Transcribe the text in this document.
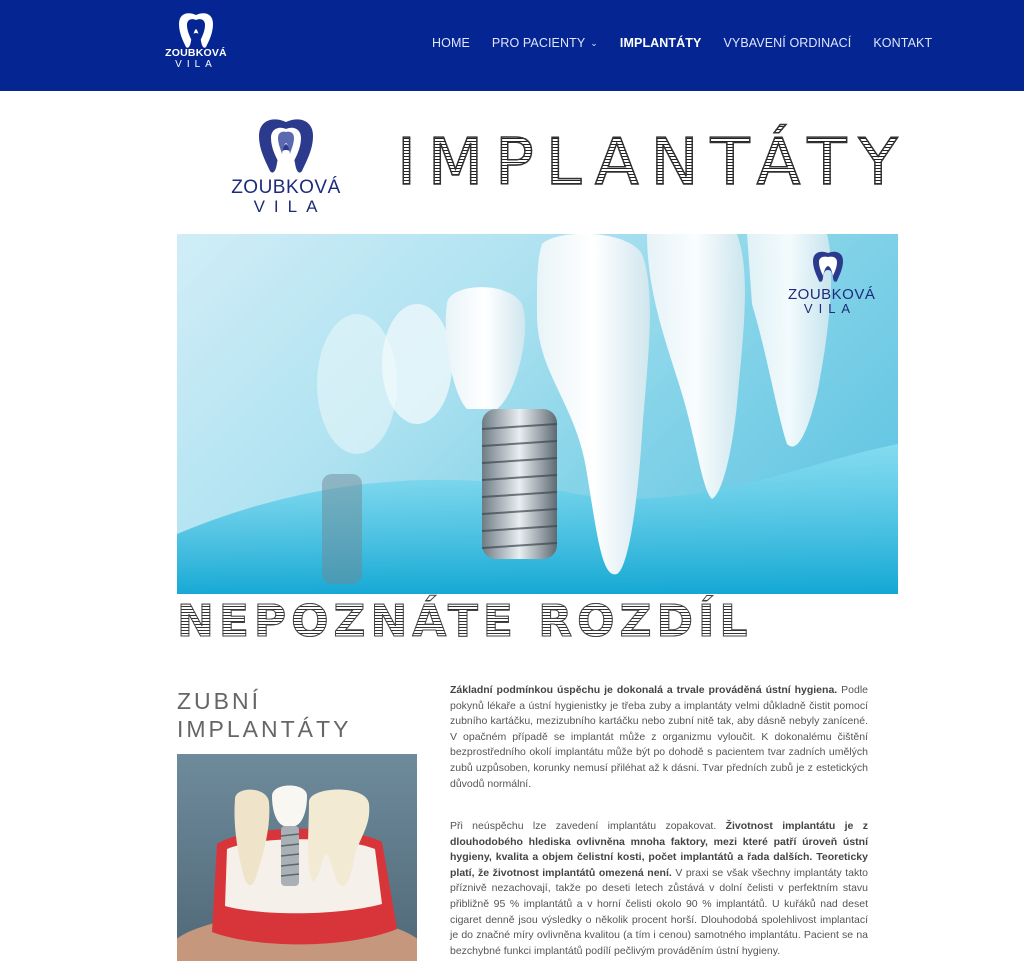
ZOUBKOVÁ
VILA
HOME PRO PACIENTY ⌄ IMPLANTÁTY VYBAVENÍ ORDINACÍ KONTAKT
ZOUBKOVÁ
VILA
IMPLANTÁTY
ZOUBKOVÁ
VILA
NEPOZNÁTE ROZDÍL
ZUBNÍ
IMPLANTÁTY

Základní podmínkou úspěchu je dokonalá a trvale prováděná ústní hygiena. Podle pokynů lékaře a ústní hygienistky je třeba zuby a implantáty velmi důkladně čistit pomocí zubního kartáčku, mezizubního kartáčku nebo zubní nitě tak, aby dásně nebyly zanícené. V opačném případě se implantát může z organizmu vyloučit. K dokonalému čištění bezprostředního okolí implantátu může být po dohodě s pacientem tvar zadních umělých zubů uzpůsoben, korunky nemusí přiléhat až k dásni. Tvar předních zubů je z estetických důvodů normální.

Při neúspěchu lze zavedení implantátu zopakovat. Životnost implantátu je z dlouhodobého hlediska ovlivněna mnoha faktory, mezi které patří úroveň ústní hygieny, kvalita a objem čelistní kosti, počet implantátů a řada dalších. Teoreticky platí, že životnost implantátů omezená není. V praxi se však všechny implantáty takto příznivě nezachovají, takže po deseti letech zůstává v dolní čelisti v perfektním stavu přibližně 95 % implantátů a v horní čelisti okolo 90 % implantátů. U kuřáků nad deset cigaret denně jsou výsledky o několik procent horší. Dlouhodobá spolehlivost implantací je do značné míry ovlivněna kvalitou (a tím i cenou) samotného implantátu. Pacient se na bezchybné funkci implantátů podílí pečlivým prováděním ústní hygieny.
